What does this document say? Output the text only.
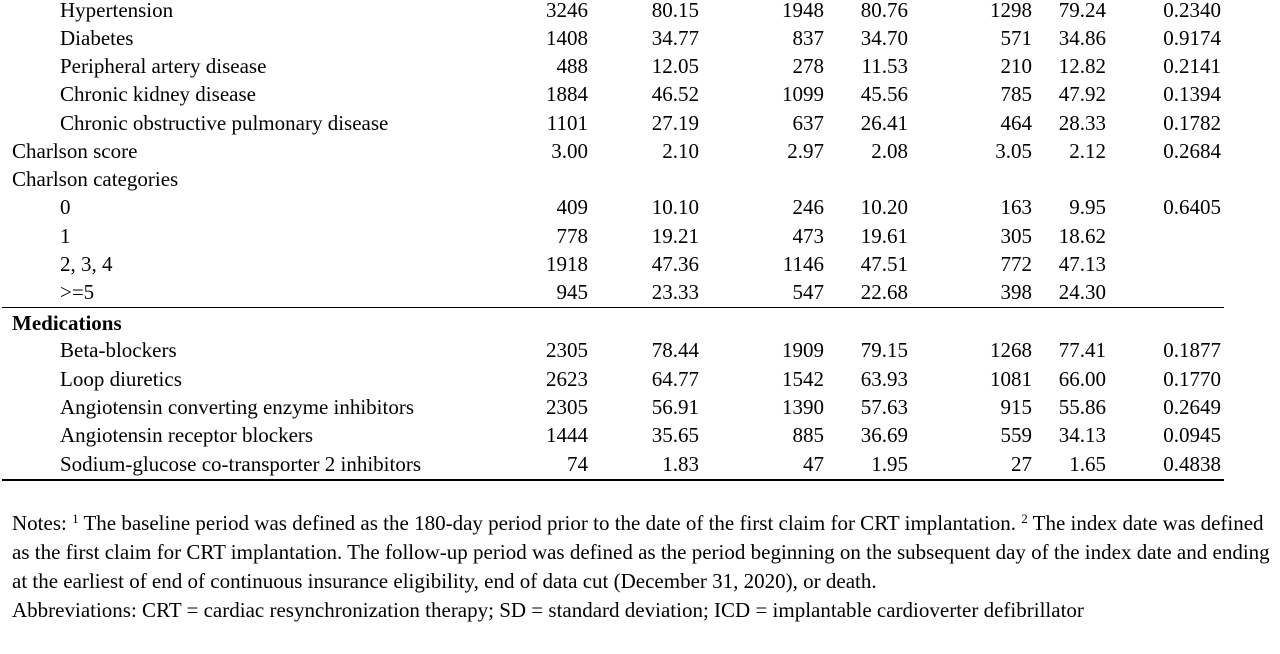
Hypertension	3246	80.15	1948 80.76	1298 79.24	0.2340
Diabetes	1408	34.77	837 34.70	571 34.86	0.9174
Peripheral artery disease	488	12.05	278 11.53	210 12.82	0.2141
Chronic kidney disease	1884	46.52	1099 45.56	785 47.92	0.1394
Chronic obstructive pulmonary disease	1101	27.19	637 26.41	464 28.33	0.1782
Charlson score	3.00	2.10	2.97 2.08	3.05 2.12	0.2684
Charlson categories
0	409	10.10	246 10.20	163 9.95	0.6405
1	778	19.21	473 19.61	305 18.62
2, 3, 4	1918	47.36	1146 47.51	772 47.13
>=5	945	23.33	547 22.68	398 24.30
Medications
Beta-blockers	2305	78.44	1909 79.15	1268 77.41	0.1877
Loop diuretics	2623	64.77	1542 63.93	1081 66.00	0.1770
Angiotensin converting enzyme inhibitors	2305	56.91	1390 57.63	915 55.86	0.2649
Angiotensin receptor blockers	1444	35.65	885 36.69	559 34.13	0.0945
Sodium-glucose co-transporter 2 inhibitors	74	1.83	47 1.95	27 1.65	0.4838
Notes: $^1$ The baseline period was defined as the 180-day period prior to the date of the first claim for CRT implantation. $^2$ The index date was defined as the first claim for CRT implantation. The follow-up period was defined as the period beginning on the subsequent day of the index date and ending at the earliest of end of continuous insurance eligibility, end of data cut (December 31, 2020), or death.
Abbreviations: CRT = cardiac resynchronization therapy; SD = standard deviation; ICD = implantable cardioverter defibrillator
